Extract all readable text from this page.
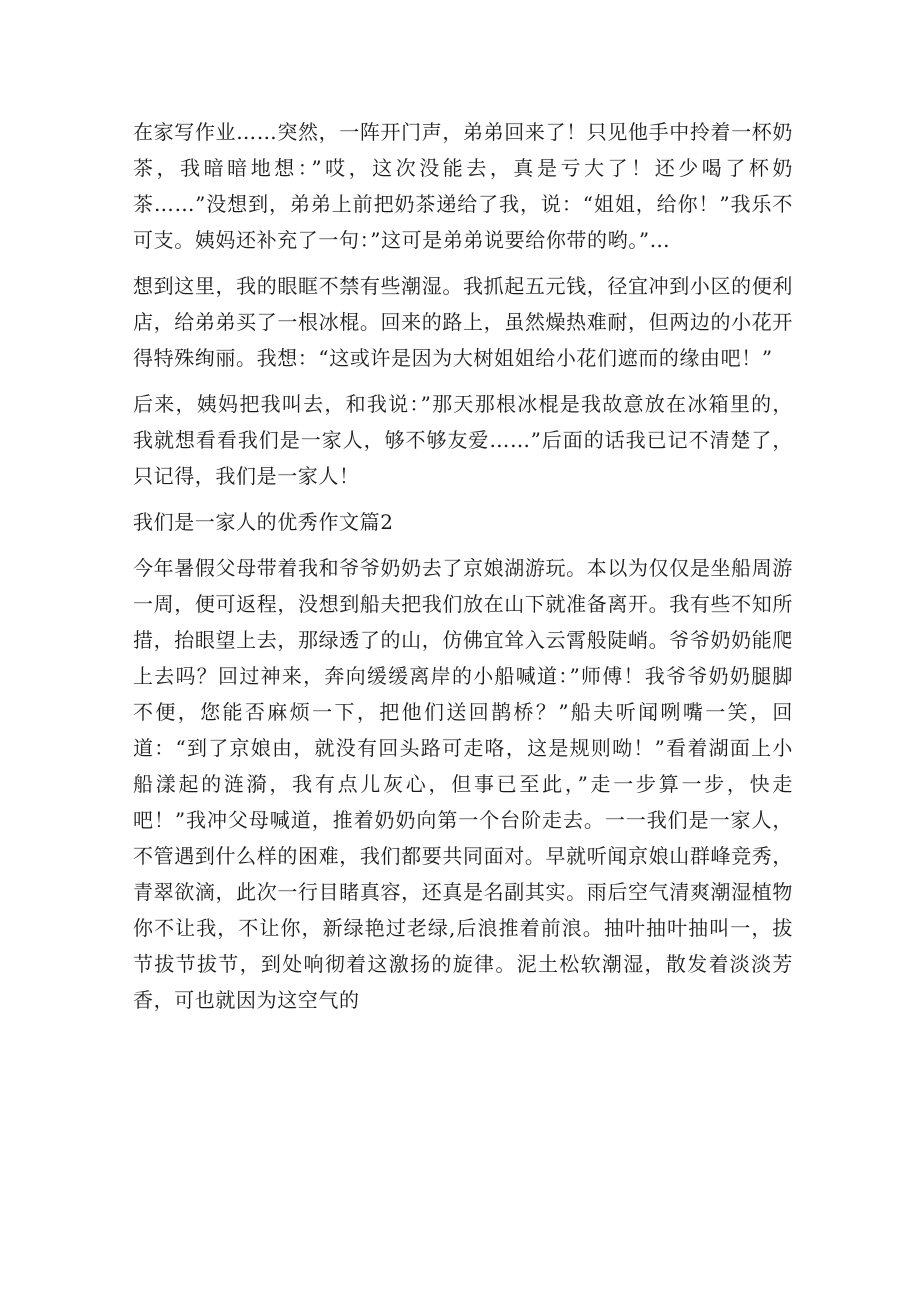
在家写作业……突然，一阵开门声，弟弟回来了！只见他手中拎着一杯奶茶，我暗暗地想：”哎，这次没能去，真是亏大了！还少喝了杯奶茶……”没想到，弟弟上前把奶茶递给了我，说：“姐姐，给你！”我乐不可支。姨妈还补充了一句：”这可是弟弟说要给你带的哟。”…

想到这里，我的眼眶不禁有些潮湿。我抓起五元钱，径宜冲到小区的便利店，给弟弟买了一根冰棍。回来的路上，虽然燥热难耐，但两边的小花开得特殊绚丽。我想：“这或许是因为大树姐姐给小花们遮而的缘由吧！”

后来，姨妈把我叫去，和我说：”那天那根冰棍是我故意放在冰箱里的，我就想看看我们是一家人，够不够友爱……”后面的话我已记不清楚了，只记得，我们是一家人！

我们是一家人的优秀作文篇2

今年暑假父母带着我和爷爷奶奶去了京娘湖游玩。本以为仅仅是坐船周游一周，便可返程，没想到船夫把我们放在山下就准备离开。我有些不知所措，抬眼望上去，那绿透了的山，仿佛宜耸入云霄般陡峭。爷爷奶奶能爬上去吗？回过神来，奔向缓缓离岸的小船喊道：”师傅！我爷爷奶奶腿脚不便，您能否麻烦一下，把他们送回鹊桥？”船夫听闻咧嘴一笑，回道：“到了京娘由，就没有回头路可走咯，这是规则呦！”看着湖面上小船漾起的涟漪，我有点儿灰心，但事已至此，”走一步算一步，快走吧！”我冲父母喊道，推着奶奶向第一个台阶走去。一一我们是一家人，不管遇到什么样的困难，我们都要共同面对。早就听闻京娘山群峰竞秀，青翠欲滴，此次一行目睹真容，还真是名副其实。雨后空气清爽潮湿植物你不让我，不让你，新绿艳过老绿,后浪推着前浪。抽叶抽叶抽叫一，拔节拔节拔节，到处响彻着这激扬的旋律。泥土松软潮湿，散发着淡淡芳香，可也就因为这空气的
